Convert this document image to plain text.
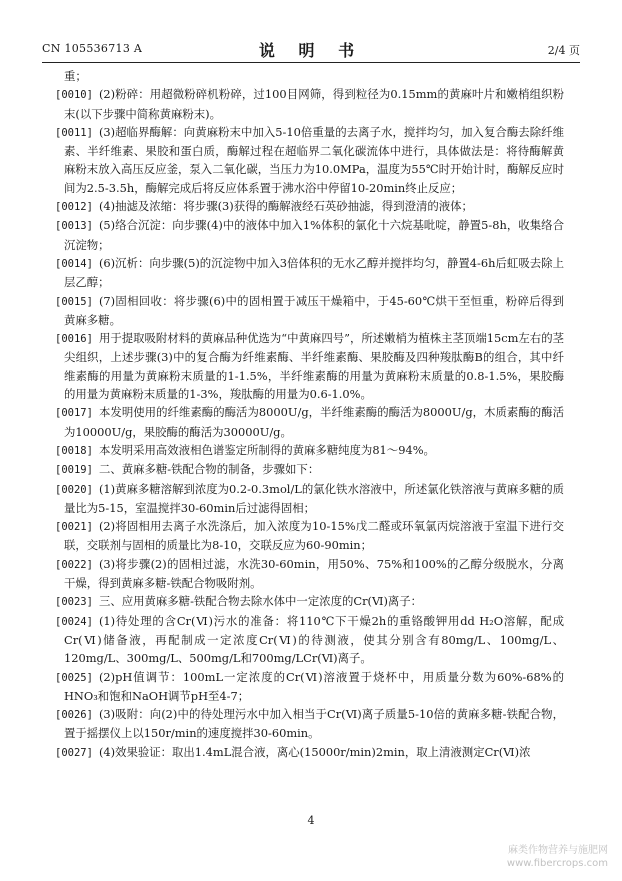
CN 105536713 A	说 明 书	2/4 页

重；

[0010] (2)粉碎：用超微粉碎机粉碎，过100目网筛，得到粒径为0.15mm的黄麻叶片和嫩梢组织粉末(以下步骤中简称黄麻粉末)。

[0011] (3)超临界酶解：向黄麻粉末中加入5-10倍重量的去离子水，搅拌均匀，加入复合酶去除纤维素、半纤维素、果胶和蛋白质，酶解过程在超临界二氧化碳流体中进行，具体做法是：将待酶解黄麻粉末放入高压反应釜，泵入二氧化碳，当压力为10.0MPa，温度为55℃时开始计时，酶解反应时间为2.5-3.5h，酶解完成后将反应体系置于沸水浴中停留10-20min终止反应；

[0012] (4)抽滤及浓缩：将步骤(3)获得的酶解液经石英砂抽滤，得到澄清的液体；

[0013] (5)络合沉淀：向步骤(4)中的液体中加入1%体积的氯化十六烷基吡啶，静置5-8h，收集络合沉淀物；

[0014] (6)沉析：向步骤(5)的沉淀物中加入3倍体积的无水乙醇并搅拌均匀，静置4-6h后虹吸去除上层乙醇；

[0015] (7)固相回收：将步骤(6)中的固相置于减压干燥箱中，于45-60℃烘干至恒重，粉碎后得到黄麻多糖。

[0016] 用于提取吸附材料的黄麻品种优选为“中黄麻四号”，所述嫩梢为植株主茎顶端15cm左右的茎尖组织，上述步骤(3)中的复合酶为纤维素酶、半纤维素酶、果胶酶及四种羧肽酶B的组合，其中纤维素酶的用量为黄麻粉末质量的1-1.5%，半纤维素酶的用量为黄麻粉末质量的0.8-1.5%，果胶酶的用量为黄麻粉末质量的1-3%，羧肽酶的用量为0.6-1.0%。

[0017] 本发明使用的纤维素酶的酶活为8000U/g，半纤维素酶的酶活为8000U/g，木质素酶的酶活为10000U/g，果胶酶的酶活为30000U/g。

[0018] 本发明采用高效液相色谱鉴定所制得的黄麻多糖纯度为81～94%。

[0019] 二、黄麻多糖-铁配合物的制备，步骤如下：

[0020] (1)黄麻多糖溶解到浓度为0.2-0.3mol/L的氯化铁水溶液中，所述氯化铁溶液与黄麻多糖的质量比为5-15，室温搅拌30-60min后过滤得固相；

[0021] (2)将固相用去离子水洗涤后，加入浓度为10-15%戊二醛或环氧氯丙烷溶液于室温下进行交联，交联剂与固相的质量比为8-10，交联反应为60-90min；

[0022] (3)将步骤(2)的固相过滤，水洗30-60min，用50%、75%和100%的乙醇分级脱水，分离干燥，得到黄麻多糖-铁配合物吸附剂。

[0023] 三、应用黄麻多糖-铁配合物去除水体中一定浓度的Cr(Ⅵ)离子：

[0024] (1)待处理的含Cr(Ⅵ)污水的准备：将110℃下干燥2h的重铬酸钾用dd H₂O溶解，配成Cr(Ⅵ)储备液，再配制成一定浓度Cr(Ⅵ)的待测液，使其分别含有80mg/L、100mg/L、120mg/L、300mg/L、500mg/L和700mg/LCr(Ⅵ)离子。

[0025] (2)pH值调节：100mL一定浓度的Cr(Ⅵ)溶液置于烧杯中，用质量分数为60%-68%的HNO₃和饱和NaOH调节pH至4-7；

[0026] (3)吸附：向(2)中的待处理污水中加入相当于Cr(Ⅵ)离子质量5-10倍的黄麻多糖-铁配合物，置于摇摆仪上以150r/min的速度搅拌30-60min。

[0027] (4)效果验证：取出1.4mL混合液，离心(15000r/min)2min，取上清液测定Cr(Ⅵ)浓

4
麻类作物营养与施肥网
www.fibercrops.com
